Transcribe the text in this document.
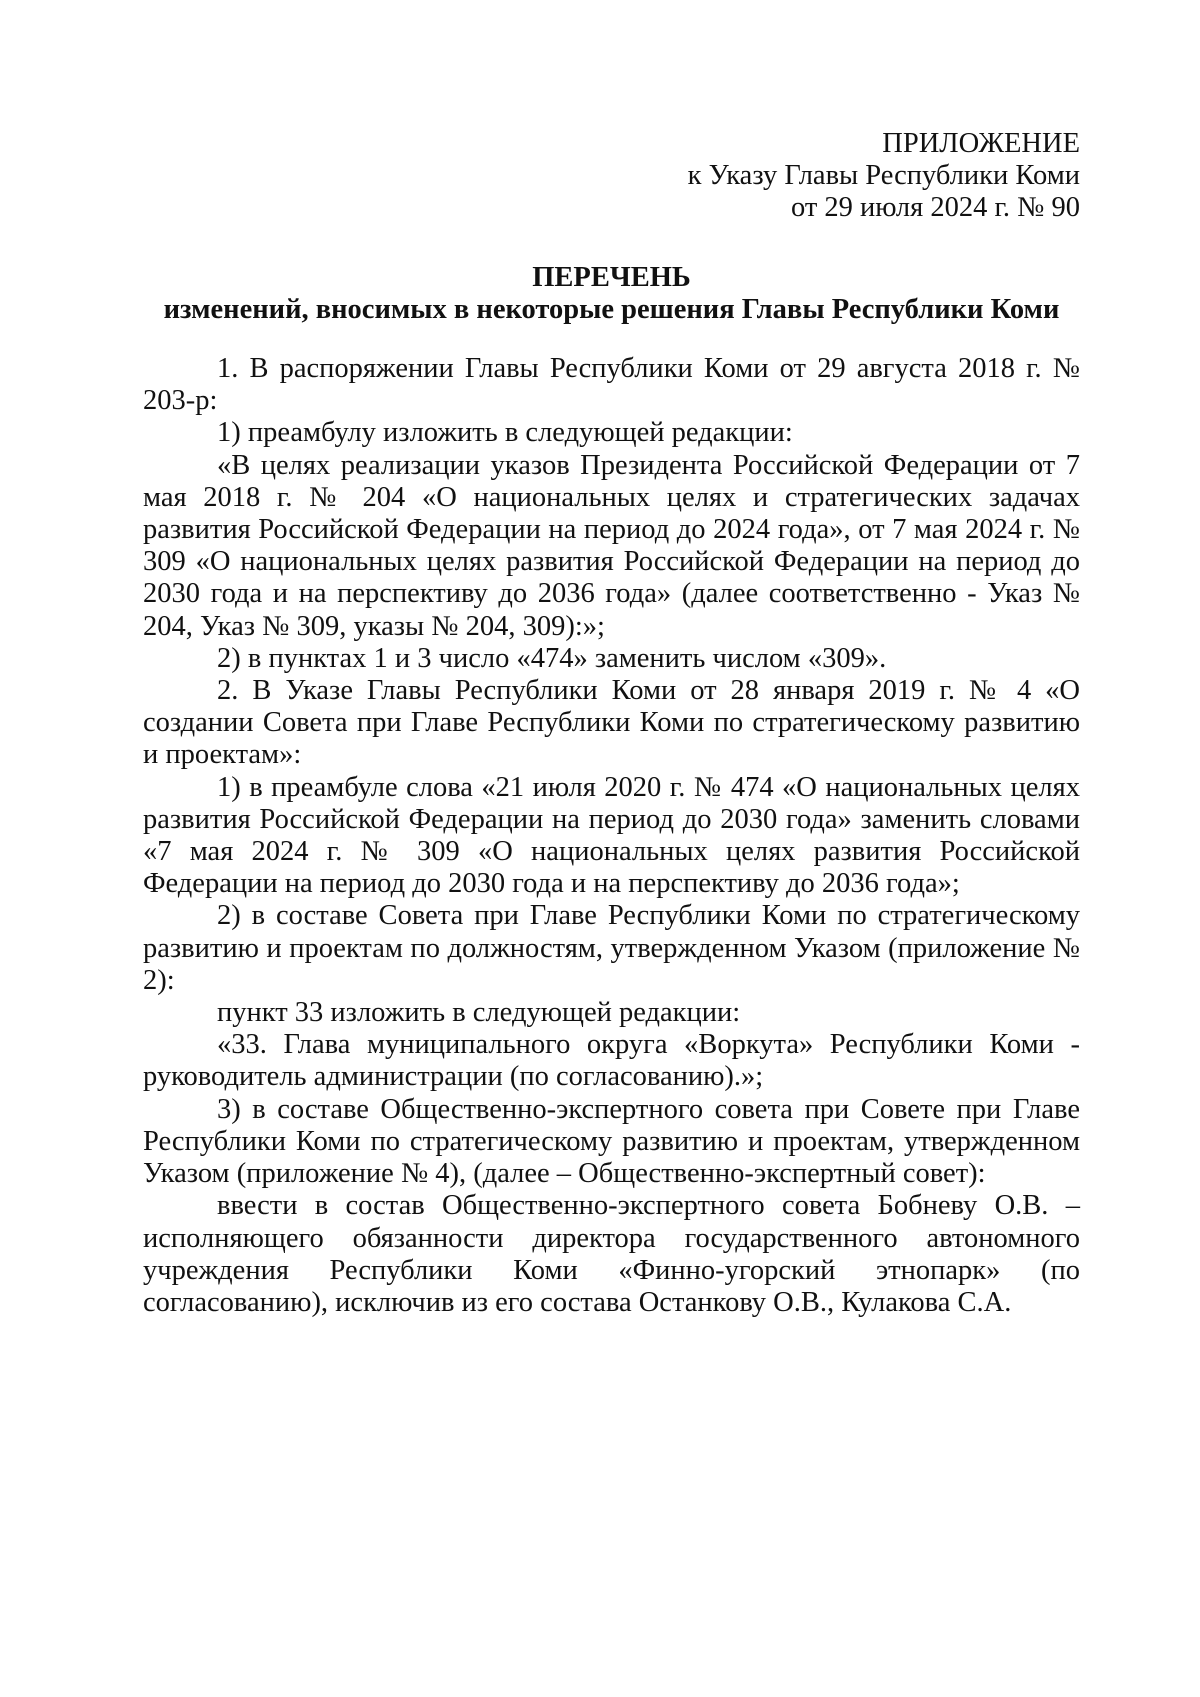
ПРИЛОЖЕНИЕ
к Указу Главы Республики Коми
от 29 июля 2024 г. № 90
ПЕРЕЧЕНЬ
изменений, вносимых в некоторые решения Главы Республики Коми

1. В распоряжении Главы Республики Коми от 29 августа 2018 г. № 203-р:

1) преамбулу изложить в следующей редакции:

«В целях реализации указов Президента Российской Федерации от 7 мая 2018 г. № 204 «О национальных целях и стратегических задачах развития Российской Федерации на период до 2024 года», от 7 мая 2024 г. № 309 «О национальных целях развития Российской Федерации на период до 2030 года и на перспективу до 2036 года» (далее соответственно - Указ № 204, Указ № 309, указы № 204, 309):»;

2) в пунктах 1 и 3 число «474» заменить числом «309».

2. В Указе Главы Республики Коми от 28 января 2019 г. № 4 «О создании Совета при Главе Республики Коми по стратегическому развитию и проектам»:

1) в преамбуле слова «21 июля 2020 г. № 474 «О национальных целях развития Российской Федерации на период до 2030 года» заменить словами «7 мая 2024 г. № 309 «О национальных целях развития Российской Федерации на период до 2030 года и на перспективу до 2036 года»;

2) в составе Совета при Главе Республики Коми по стратегическому развитию и проектам по должностям, утвержденном Указом (приложение № 2):

пункт 33 изложить в следующей редакции:

«33. Глава муниципального округа «Воркута» Республики Коми - руководитель администрации (по согласованию).»;

3) в составе Общественно-экспертного совета при Совете при Главе Республики Коми по стратегическому развитию и проектам, утвержденном Указом (приложение № 4), (далее – Общественно-экспертный совет):

ввести в состав Общественно-экспертного совета Бобневу О.В. – исполняющего обязанности директора государственного автономного учреждения Республики Коми «Финно-угорский этнопарк» (по согласованию), исключив из его состава Останкову О.В., Кулакова С.А.
